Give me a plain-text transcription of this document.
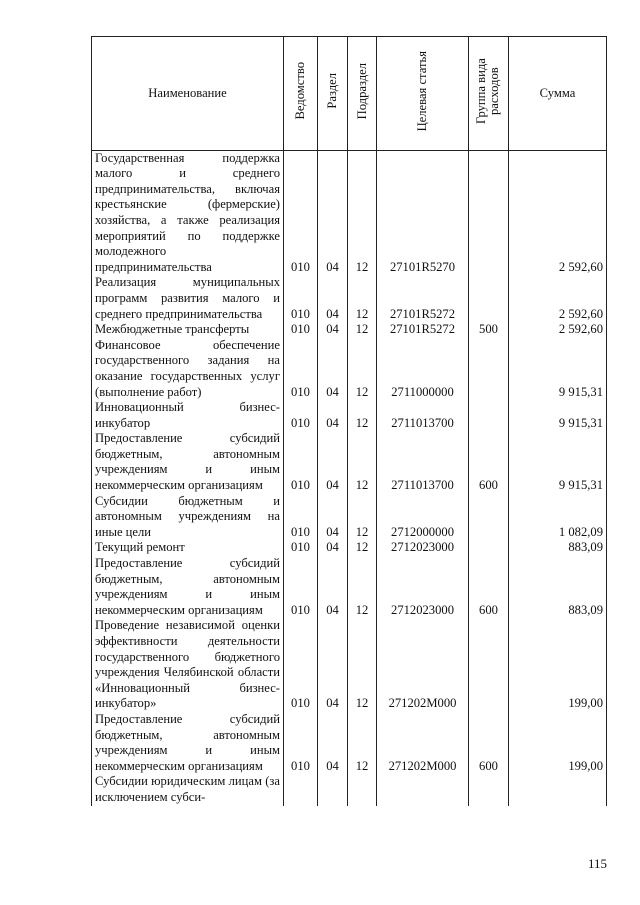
Наименование	Ведомство	Раздел	Подраздел	Целевая статья	Группа вида расходов	Сумма
Государственная поддержка малого и среднего предпринимательства, включая крестьянские (фермерские) хозяйства, а также реализация мероприятий по поддержке молодежного предпринимательства	010	04	12	27101R5270		2 592,60
Реализация муниципальных программ развития малого и среднего предпринимательства	010	04	12	27101R5272		2 592,60
Межбюджетные трансферты	010	04	12	27101R5272	500	2 592,60
Финансовое обеспечение государственного задания на оказание государственных услуг (выполнение работ)	010	04	12	2711000000		9 915,31
Инновационный бизнес-инкубатор	010	04	12	2711013700		9 915,31
Предоставление субсидий бюджетным, автономным учреждениям и иным некоммерческим организациям	010	04	12	2711013700	600	9 915,31
Субсидии бюджетным и автономным учреждениям на иные цели	010	04	12	2712000000		1 082,09
Текущий ремонт	010	04	12	2712023000		883,09
Предоставление субсидий бюджетным, автономным учреждениям и иным некоммерческим организациям	010	04	12	2712023000	600	883,09
Проведение независимой оценки эффективности деятельности государственного бюджетного учреждения Челябинской области «Инновационный бизнес-инкубатор»	010	04	12	271202M000		199,00
Предоставление субсидий бюджетным, автономным учреждениям и иным некоммерческим организациям	010	04	12	271202M000	600	199,00
Субсидии юридическим лицам (за исключением субси-						
115
